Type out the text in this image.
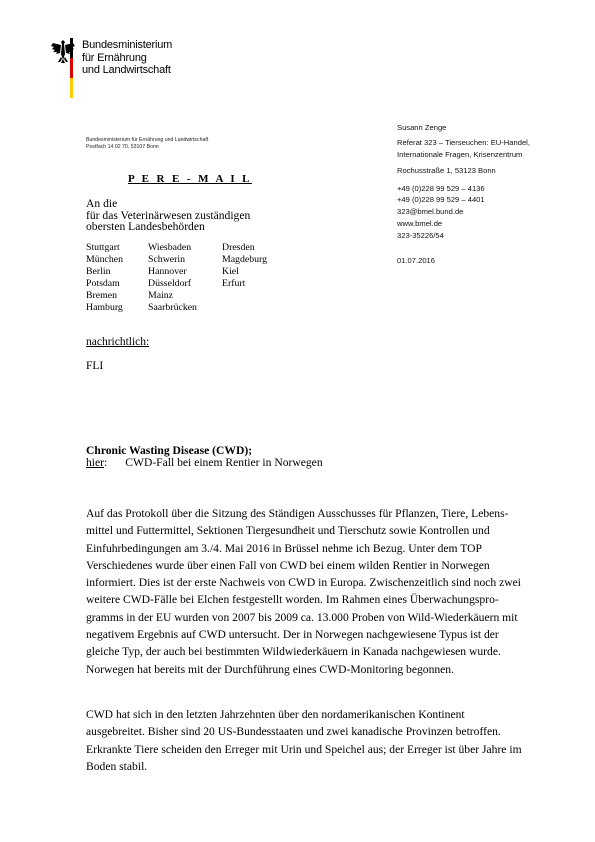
Bundesministerium
für Ernährung
und Landwirtschaft
Bundesministerium für Ernährung und Landwirtschaft
Postfach 14 02 70, 53107 Bonn
P E R E - M A I L
An die
für das Veterinärwesen zuständigen
obersten Landesbehörden
Stuttgart	Wiesbaden	Dresden
München	Schwerin	Magdeburg
Berlin	Hannover	Kiel
Potsdam	Düsseldorf	Erfurt
Bremen	Mainz
Hamburg	Saarbrücken
nachrichtlich:
FLI
Susann Zenge
Referat 323 – Tierseuchen: EU-Handel,
Internationale Fragen, Krisenzentrum
Rochusstraße 1, 53123 Bonn
+49 (0)228 99 529 – 4136
+49 (0)228 99 529 – 4401
323@bmel.bund.de
www.bmel.de
323-35226/54
01.07.2016
Chronic Wasting Disease (CWD);
hier: CWD-Fall bei einem Rentier in Norwegen
Auf das Protokoll über die Sitzung des Ständigen Ausschusses für Pflanzen, Tiere, Lebens-
mittel und Futtermittel, Sektionen Tiergesundheit und Tierschutz sowie Kontrollen und
Einfuhrbedingungen am 3./4. Mai 2016 in Brüssel nehme ich Bezug. Unter dem TOP
Verschiedenes wurde über einen Fall von CWD bei einem wilden Rentier in Norwegen
informiert. Dies ist der erste Nachweis von CWD in Europa. Zwischenzeitlich sind noch zwei
weitere CWD-Fälle bei Elchen festgestellt worden. Im Rahmen eines Überwachungspro-
gramms in der EU wurden von 2007 bis 2009 ca. 13.000 Proben von Wild-Wiederkäuern mit
negativem Ergebnis auf CWD untersucht. Der in Norwegen nachgewiesene Typus ist der
gleiche Typ, der auch bei bestimmten Wildwiederkäuern in Kanada nachgewiesen wurde.
Norwegen hat bereits mit der Durchführung eines CWD-Monitoring begonnen.
CWD hat sich in den letzten Jahrzehnten über den nordamerikanischen Kontinent
ausgebreitet. Bisher sind 20 US-Bundesstaaten und zwei kanadische Provinzen betroffen.
Erkrankte Tiere scheiden den Erreger mit Urin und Speichel aus; der Erreger ist über Jahre im
Boden stabil.
